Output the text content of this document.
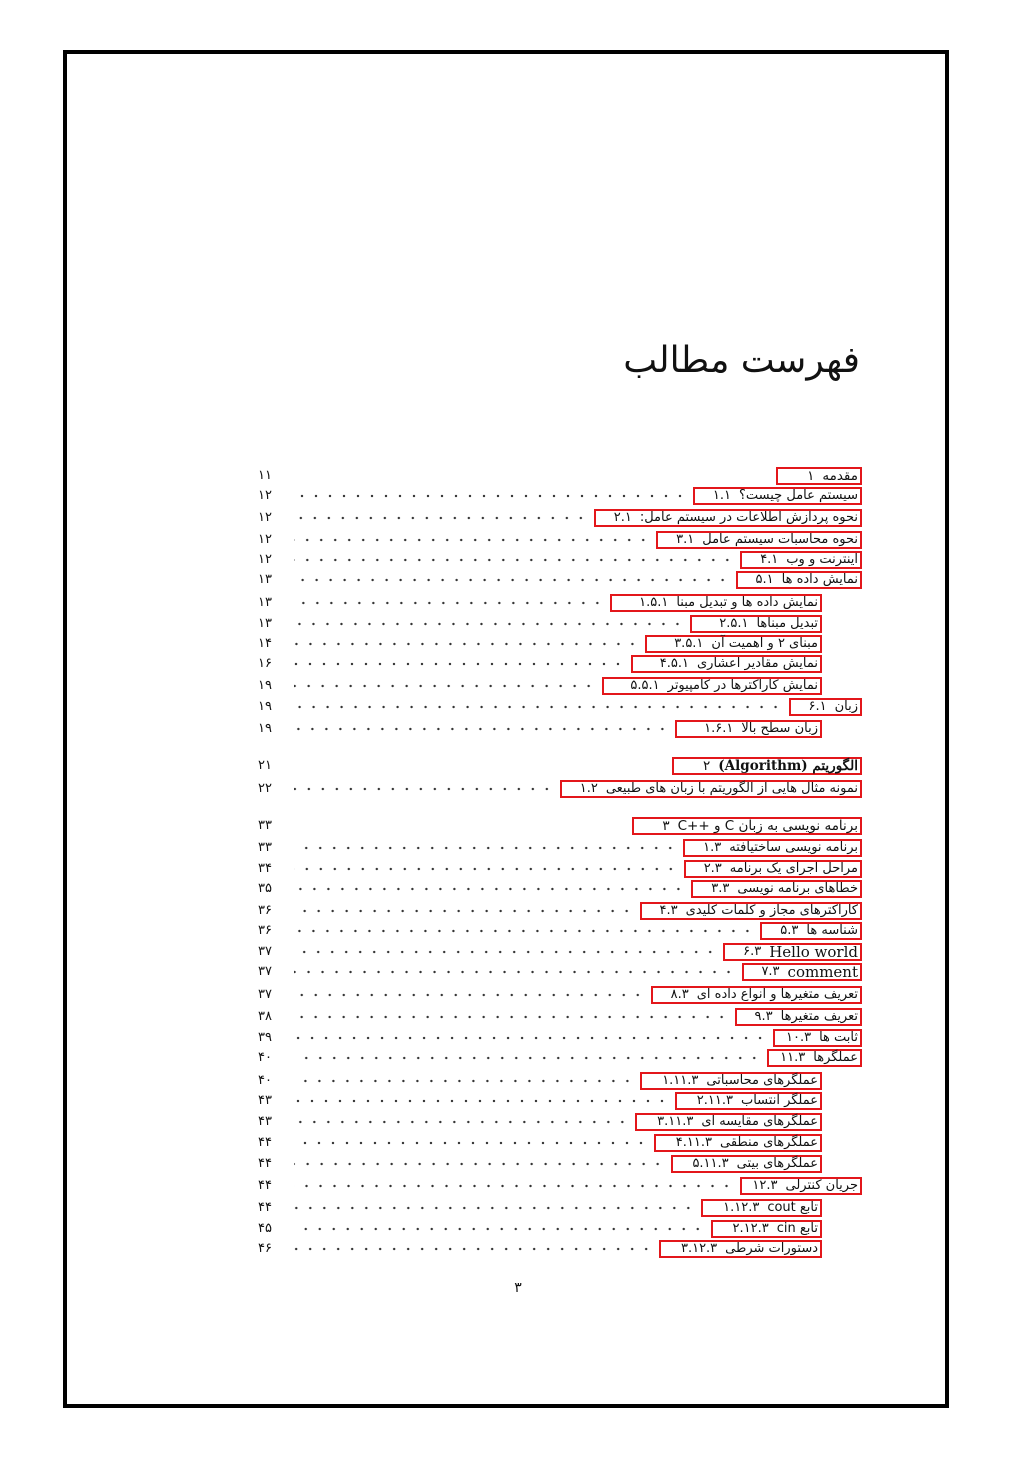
فهرست مطالب
۱ مقدمه
۱۱
۱.۱ سیستم عامل چیست؟
۱۲
۲.۱ نحوه پردازش اطلاعات در سیستم عامل:
۱۲
۳.۱ نحوه محاسبات سیستم عامل
۱۲
۴.۱ اینترنت و وب
۱۲
۵.۱ نمایش داده ها
۱۳
۱.۵.۱ نمایش داده ها و تبدیل مبنا
۱۳
۲.۵.۱ تبدیل مبناها
۱۳
۳.۵.۱ مبنای ۲ و اهمیت آن
۱۴
۴.۵.۱ نمایش مقادیر اعشاری
۱۶
۵.۵.۱ نمایش کاراکترها در کامپیوتر
۱۹
۶.۱ زبان
۱۹
۱.۶.۱ زبان سطح بالا
۱۹
۲ الگوریتم (Algorithm)
۲۱
۱.۲ نمونه مثال هایی از الگوریتم با زبان های طبیعی
۲۲
۳ برنامه نویسی به زبان C و ++C
۳۳
۱.۳ برنامه نویسی ساختیافته
۳۳
۲.۳ مراحل اجرای یک برنامه
۳۴
۳.۳ خطاهای برنامه نویسی
۳۵
۴.۳ کاراکترهای مجاز و کلمات کلیدی
۳۶
۵.۳ شناسه ها
۳۶
۶.۳ Hello world
۳۷
۷.۳ comment
۳۷
۸.۳ تعریف متغیرها و انواع داده ای
۳۷
۹.۳ تعریف متغیرها
۳۸
۱۰.۳ ثابت ها
۳۹
۱۱.۳ عملگرها
۴۰
۱.۱۱.۳ عملگرهای محاسباتی
۴۰
۲.۱۱.۳ عملگر انتساب
۴۳
۳.۱۱.۳ عملگرهای مقایسه ای
۴۳
۴.۱۱.۳ عملگرهای منطقی
۴۴
۵.۱۱.۳ عملگرهای بیتی
۴۴
۱۲.۳ جریان کنترلی
۴۴
۱.۱۲.۳ تابع cout
۴۴
۲.۱۲.۳ تابع cin
۴۵
۳.۱۲.۳ دستورات شرطی
۴۶
۳
